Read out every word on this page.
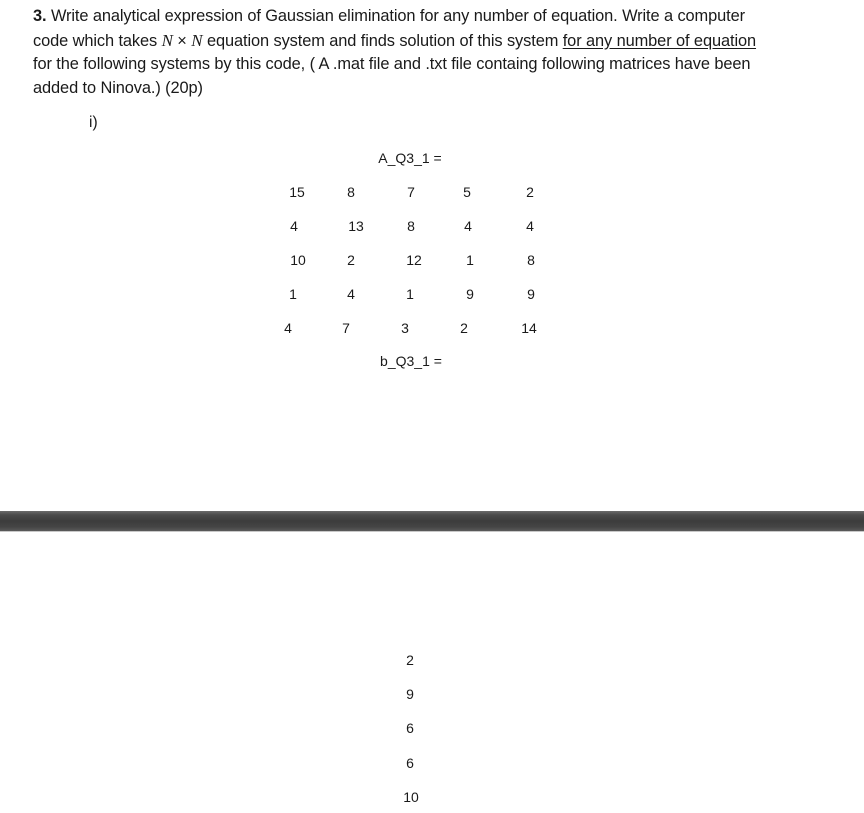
3. Write analytical expression of Gaussian elimination for any number of equation. Write a computer
code which takes N × N equation system and finds solution of this system for any number of equation
for the following systems by this code, ( A .mat file and .txt file containg following matrices have been
added to Ninova.) (20p)
i)
A_Q3_1 =
15	8	7	5	2
4	13	8	4	4
10	2	12	1	8
1	4	1	9	9
4	7	3	2	14
b_Q3_1 =
2
9
6
6
10
